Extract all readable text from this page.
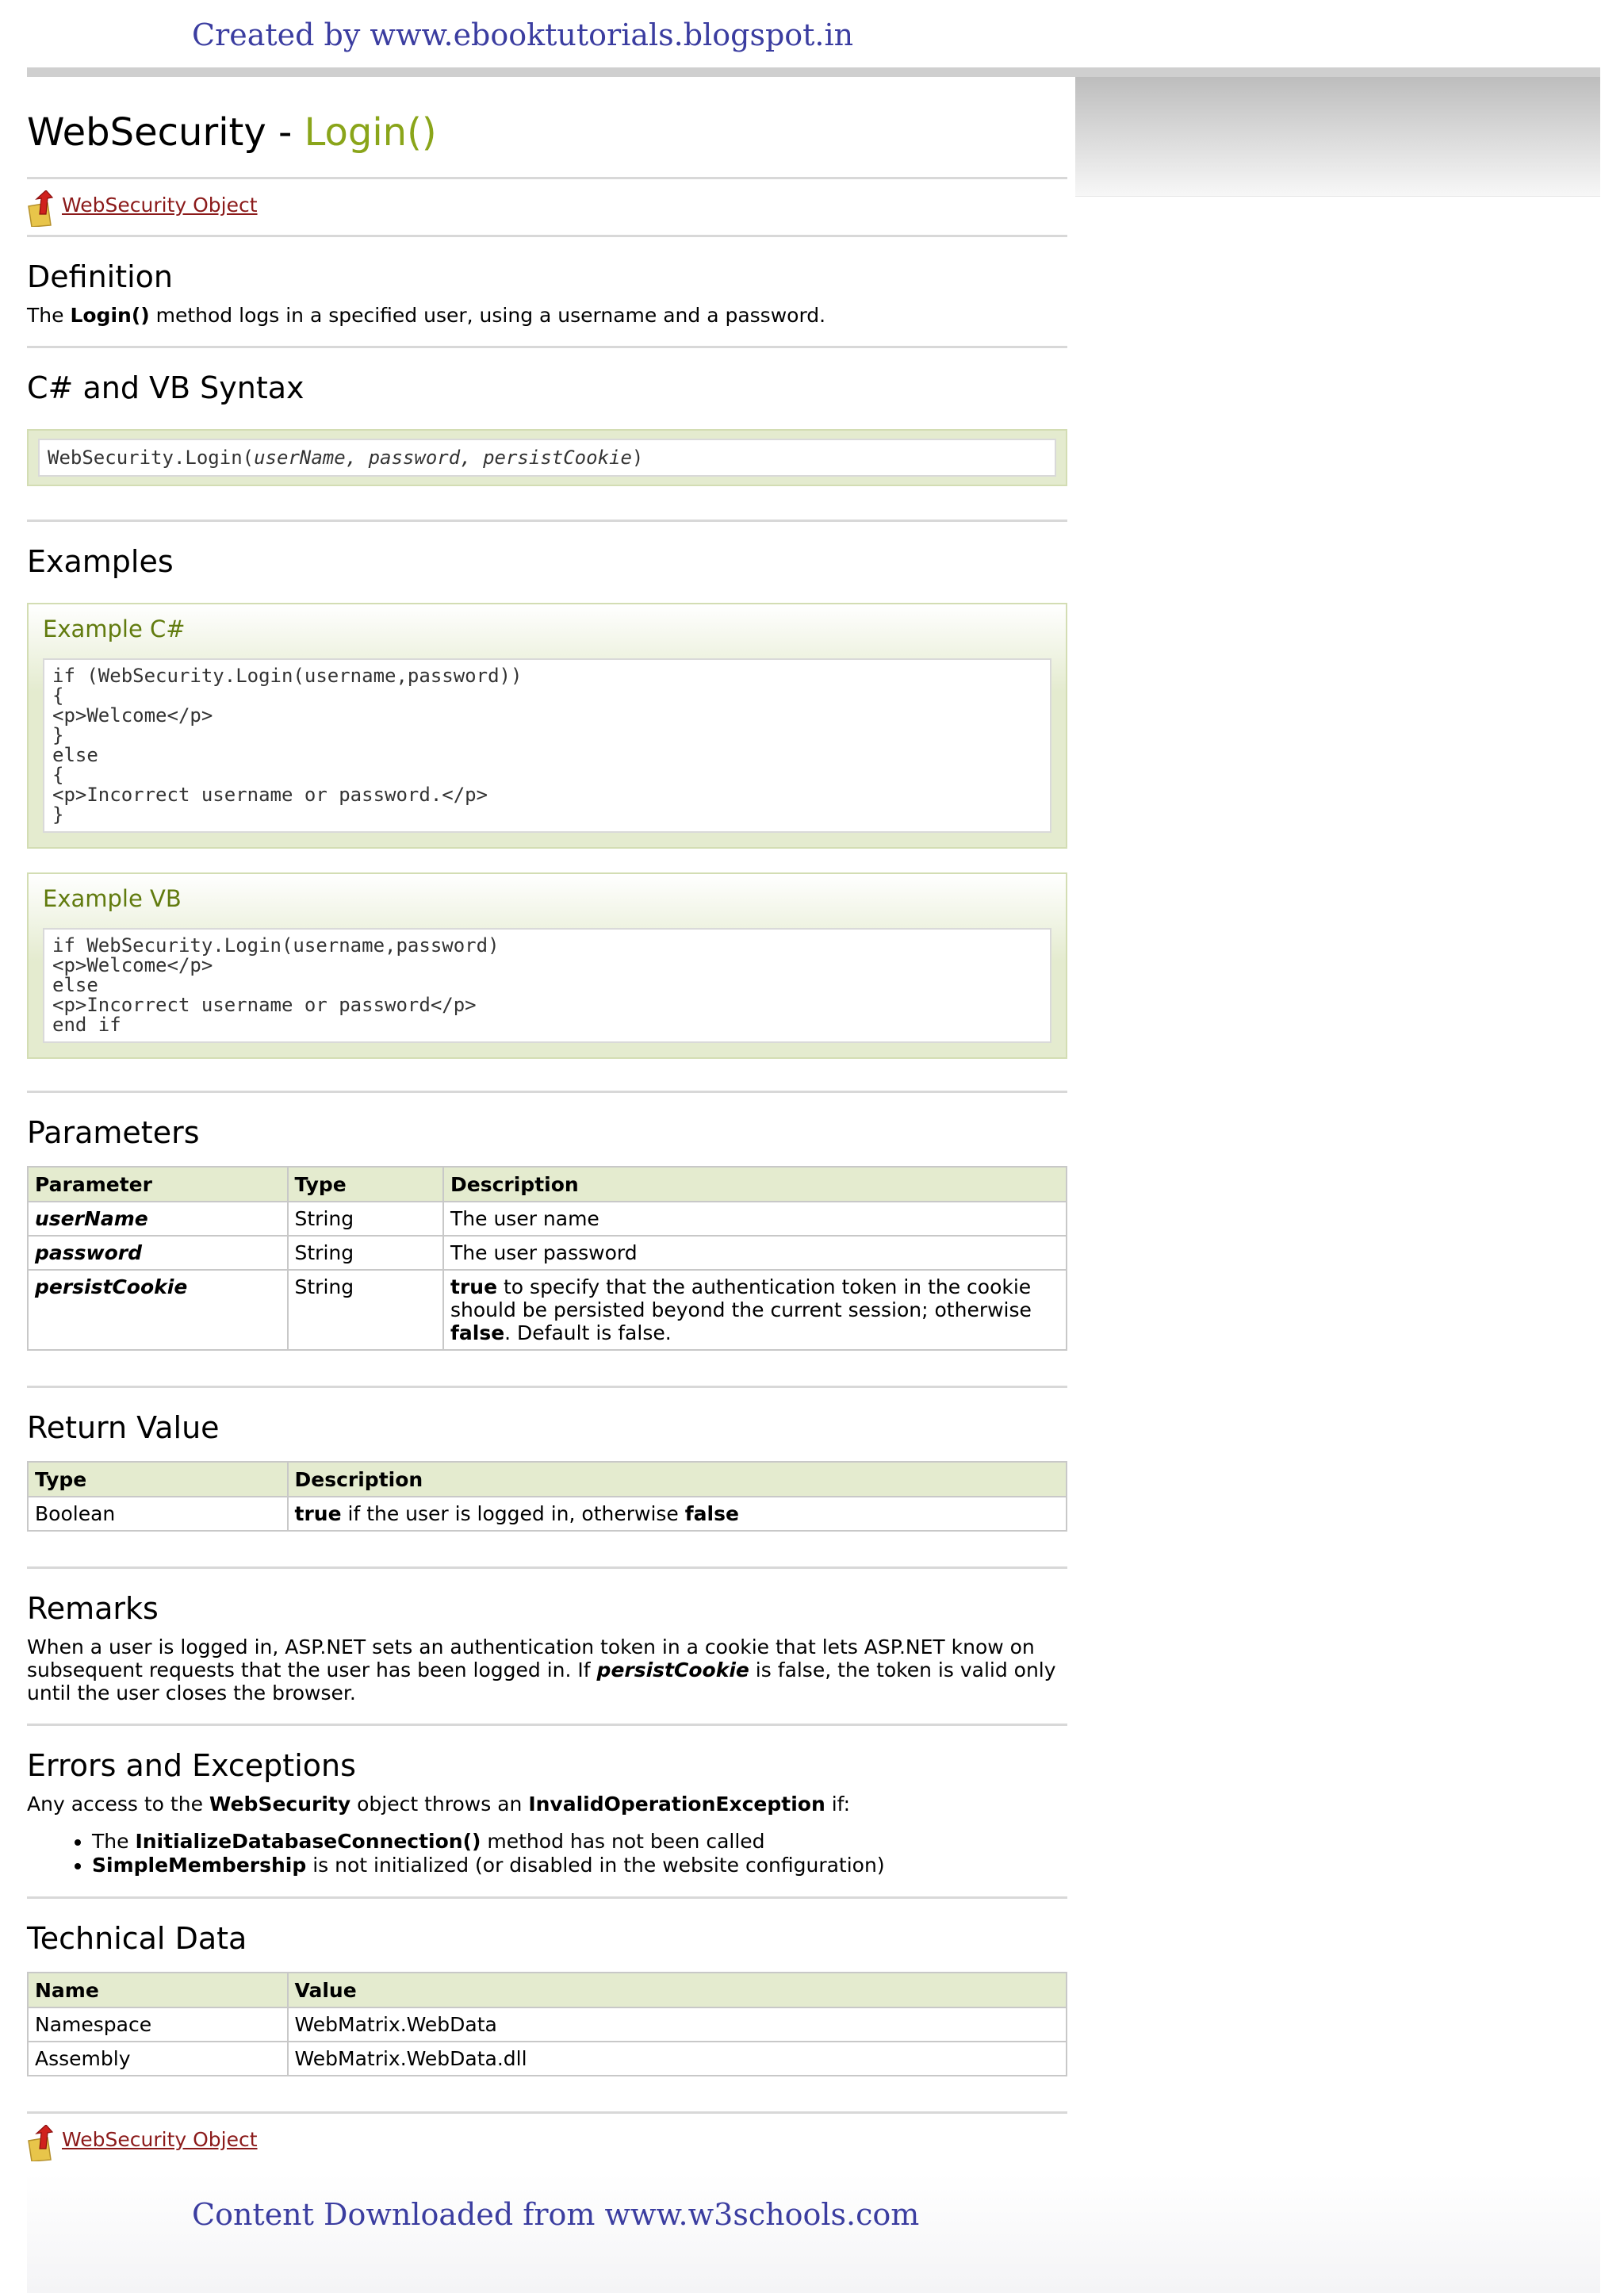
Created by www.ebooktutorials.blogspot.in
WebSecurity - Login()
WebSecurity Object
Definition

The Login() method logs in a specified user, using a username and a password.

C# and VB Syntax
WebSecurity.Login(userName, password, persistCookie)
Examples
Example C#
if (WebSecurity.Login(username,password))
{
<p>Welcome</p>
}
else
{
<p>Incorrect username or password.</p>
}
Example VB
if WebSecurity.Login(username,password)
<p>Welcome</p>
else
<p>Incorrect username or password</p>
end if
Parameters
Parameter	Type	Description
userName	String	The user name
password	String	The user password
persistCookie	String	true to specify that the authentication token in the cookie should be persisted beyond the current session; otherwise false. Default is false.
Return Value
Type	Description
Boolean	true if the user is logged in, otherwise false
Remarks

When a user is logged in, ASP.NET sets an authentication token in a cookie that lets ASP.NET know on subsequent requests that the user has been logged in. If persistCookie is false, the token is valid only until the user closes the browser.

Errors and Exceptions

Any access to the WebSecurity object throws an InvalidOperationException if:

• The InitializeDatabaseConnection() method has not been called
• SimpleMembership is not initialized (or disabled in the website configuration)
Technical Data
Name	Value
Namespace	WebMatrix.WebData
Assembly	WebMatrix.WebData.dll
WebSecurity Object
Content Downloaded from www.w3schools.com
